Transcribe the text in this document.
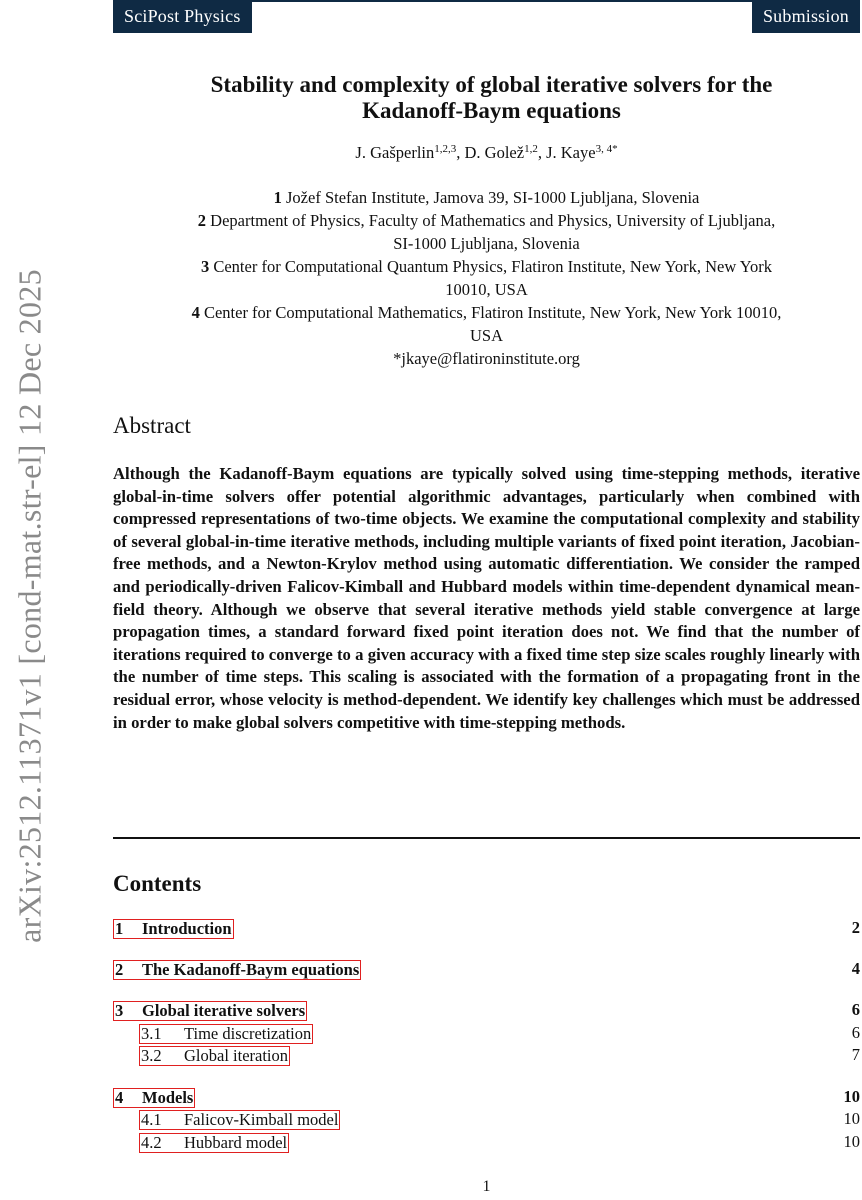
arXiv:2512.11371v1 [cond-mat.str-el] 12 Dec 2025
SciPost Physics	Submission
Stability and complexity of global iterative solvers for the
Kadanoff-Baym equations
J. Gašperlin$^{1,2,3}$, D. Golež$^{1,2}$, J. Kaye$^{3, 4*}$
1 Jožef Stefan Institute, Jamova 39, SI-1000 Ljubljana, Slovenia
2 Department of Physics, Faculty of Mathematics and Physics, University of Ljubljana,
SI-1000 Ljubljana, Slovenia
3 Center for Computational Quantum Physics, Flatiron Institute, New York, New York
10010, USA
4 Center for Computational Mathematics, Flatiron Institute, New York, New York 10010,
USA
*jkaye@flatironinstitute.org
Abstract

Although the Kadanoff-Baym equations are typically solved using time-stepping methods, iterative global-in-time solvers offer potential algorithmic advantages, particularly when combined with compressed representations of two-time objects. We examine the computational complexity and stability of several global-in-time iterative methods, including multiple variants of fixed point iteration, Jacobian-free methods, and a Newton-Krylov method using automatic differentiation. We consider the ramped and periodically-driven Falicov-Kimball and Hubbard models within time-dependent dynamical mean-field theory. Although we observe that several iterative methods yield stable convergence at large propagation times, a standard forward fixed point iteration does not. We find that the number of iterations required to converge to a given accuracy with a fixed time step size scales roughly linearly with the number of time steps. This scaling is associated with the formation of a propagating front in the residual error, whose velocity is method-dependent. We identify key challenges which must be addressed in order to make global solvers competitive with time-stepping methods.

Contents
1 Introduction	2
2 The Kadanoff-Baym equations	4
3 Global iterative solvers	6
3.1 Time discretization	6
3.2 Global iteration	7
4 Models	10
4.1 Falicov-Kimball model	10
4.2 Hubbard model	10
1
